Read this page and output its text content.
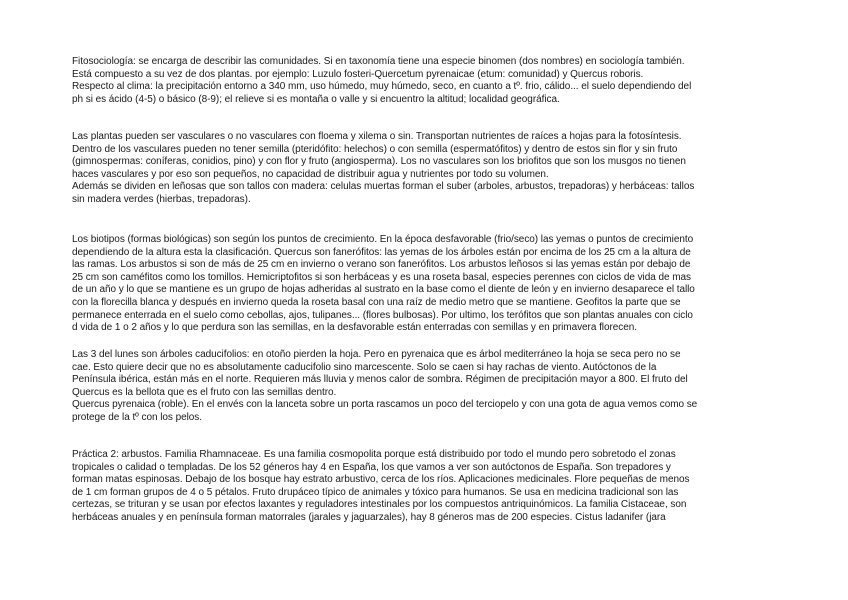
Fitosociología: se encarga de describir las comunidades. Si en taxonomía tiene una especie binomen (dos nombres) en sociología también.
Está compuesto a su vez de dos plantas. por ejemplo: Luzulo fosteri-Quercetum pyrenaicae (etum: comunidad) y Quercus roboris.
Respecto al clima: la precipitación entorno a 340 mm, uso húmedo, muy húmedo, seco, en cuanto a tº. frio, cálido... el suelo dependiendo del
ph si es ácido (4-5) o básico (8-9); el relieve si es montaña o valle y si encuentro la altitud; localidad geográfica.

Las plantas pueden ser vasculares o no vasculares con floema y xilema o sin. Transportan nutrientes de raíces a hojas para la fotosíntesis.
Dentro de los vasculares pueden no tener semilla (pteridófito: helechos) o con semilla (espermatófitos) y dentro de estos sin flor y sin fruto
(gimnospermas: coníferas, conidios, pino) y con flor y fruto (angiosperma). Los no vasculares son los briofitos que son los musgos no tienen
haces vasculares y por eso son pequeños, no capacidad de distribuir agua y nutrientes por todo su volumen.
Además se dividen en leñosas que son tallos con madera: celulas muertas forman el suber (arboles, arbustos, trepadoras) y herbáceas: tallos
sin madera verdes (hierbas, trepadoras).

Los biotipos (formas biológicas) son según los puntos de crecimiento. En la época desfavorable (frio/seco) las yemas o puntos de crecimiento
dependiendo de la altura esta la clasificación. Quercus son fanerófitos: las yemas de los árboles están por encima de los 25 cm a la altura de
las ramas. Los arbustos si son de más de 25 cm en invierno o verano son fanerófitos. Los arbustos leñosos si las yemas están por debajo de
25 cm son caméfitos como los tomillos. Hemicriptofitos si son herbáceas y es una roseta basal, especies perennes con ciclos de vida de mas
de un año y lo que se mantiene es un grupo de hojas adheridas al sustrato en la base como el diente de león y en invierno desaparece el tallo
con la florecilla blanca y después en invierno queda la roseta basal con una raíz de medio metro que se mantiene. Geofitos la parte que se
permanece enterrada en el suelo como cebollas, ajos, tulipanes... (flores bulbosas). Por ultimo, los terófitos que son plantas anuales con ciclo
d vida de 1 o 2 años y lo que perdura son las semillas, en la desfavorable están enterradas con semillas y en primavera florecen.

Las 3 del lunes son árboles caducifolios: en otoño pierden la hoja. Pero en pyrenaica que es árbol mediterráneo la hoja se seca pero no se
cae. Esto quiere decir que no es absolutamente caducifolio sino marcescente. Solo se caen si hay rachas de viento. Autóctonos de la
Península ibérica, están más en el norte. Requieren más lluvia y menos calor de sombra. Régimen de precipitación mayor a 800. El fruto del
Quercus es la bellota que es el fruto con las semillas dentro.
Quercus pyrenaica (roble). En el envés con la lanceta sobre un porta rascamos un poco del terciopelo y con una gota de agua vemos como se
protege de la tº con los pelos.

Práctica 2: arbustos. Familia Rhamnaceae. Es una familia cosmopolita porque está distribuido por todo el mundo pero sobretodo el zonas
tropicales o calidad o templadas. De los 52 géneros hay 4 en España, los que vamos a ver son autóctonos de España. Son trepadores y
forman matas espinosas. Debajo de los bosque hay estrato arbustivo, cerca de los ríos. Aplicaciones medicinales. Flore pequeñas de menos
de 1 cm forman grupos de 4 o 5 pétalos. Fruto drupáceo típico de animales y tóxico para humanos. Se usa en medicina tradicional son las
certezas, se trituran y se usan por efectos laxantes y reguladores intestinales por los compuestos antriquinómicos. La familia Cistaceae, son
herbáceas anuales y en península forman matorrales (jarales y jaguarzales), hay 8 géneros mas de 200 especies. Cistus ladanifer (jara
